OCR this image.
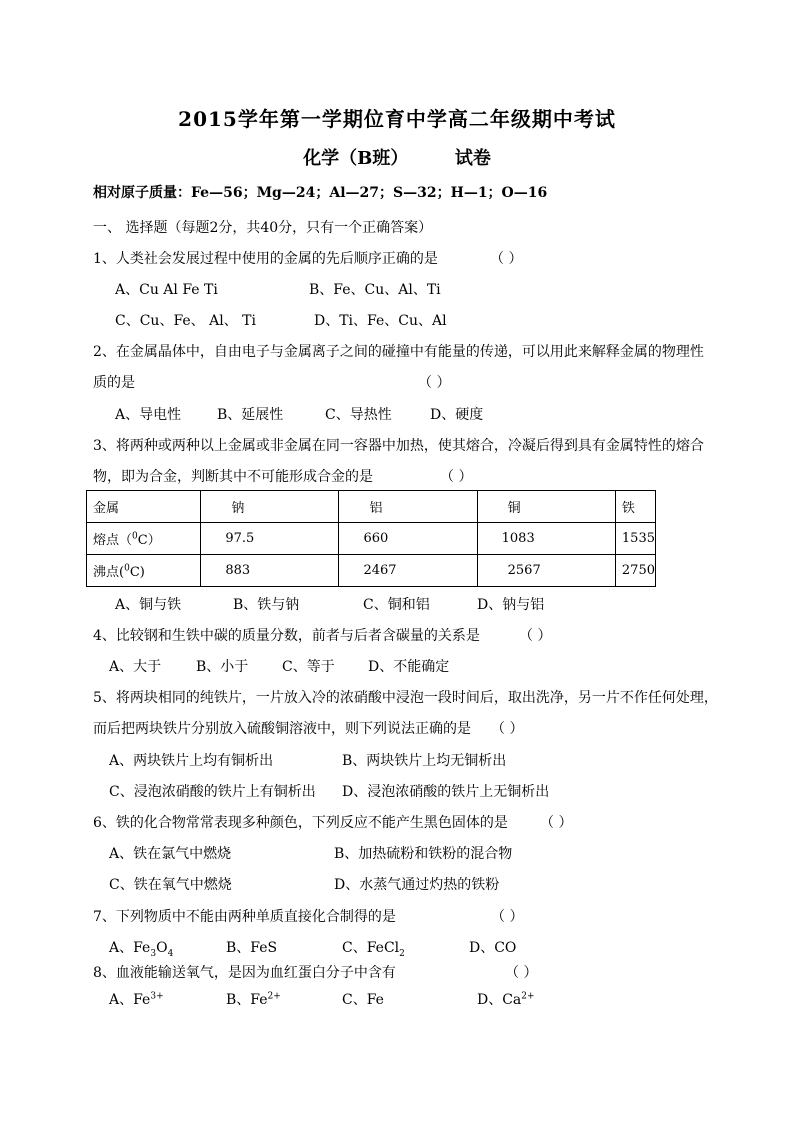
2015学年第一学期位育中学高二年级期中考试
化学（B班）	试卷
相对原子质量：Fe—56；Mg—24；Al—27；S—32；H—1；O—16
一、 选择题（每题2分，共40分，只有一个正确答案）
1、人类社会发展过程中使用的金属的先后顺序正确的是	（ ）
A、Cu Al Fe Ti	B、Fe、Cu、Al、Ti
C、Cu、Fe、 Al、 Ti	D、Ti、Fe、Cu、Al
2、在金属晶体中，自由电子与金属离子之间的碰撞中有能量的传递，可以用此来解释金属的物理性
质的是	（ ）
A、导电性	B、延展性	C、导热性	D、硬度
3、将两种或两种以上金属或非金属在同一容器中加热，使其熔合，冷凝后得到具有金属特性的熔合
物，即为合金，判断其中不可能形成合金的是	（ ）
金属	钠	铝	铜	铁
熔点（$^0$C）	97.5	660	1083	1535
沸点($^0$C)	883	2467	2567	2750
A、铜与铁	B、铁与钠	C、铜和铝	D、钠与铝
4、比较钢和生铁中碳的质量分数，前者与后者含碳量的关系是	（ ）
A、大于 B、小于 C、等于 D、不能确定
5、将两块相同的纯铁片，一片放入冷的浓硝酸中浸泡一段时间后，取出洗净，另一片不作任何处理，
而后把两块铁片分别放入硫酸铜溶液中，则下列说法正确的是 （ ）
A、两块铁片上均有铜析出	B、两块铁片上均无铜析出
C、浸泡浓硝酸的铁片上有铜析出 D、浸泡浓硝酸的铁片上无铜析出
6、铁的化合物常常表现多种颜色，下列反应不能产生黑色固体的是 （ ）
A、铁在氯气中燃烧	B、加热硫粉和铁粉的混合物
C、铁在氧气中燃烧	D、水蒸气通过灼热的铁粉
7、下列物质中不能由两种单质直接化合制得的是	（ ）
A、$Fe_3O_4$	B、FeS	C、FeCl$_2$	D、CO
8、血液能输送氧气，是因为血红蛋白分子中含有	（ ）
A、$Fe^{3+}$	B、$Fe^{2+}$	C、Fe	D、$Ca^{2+}$
